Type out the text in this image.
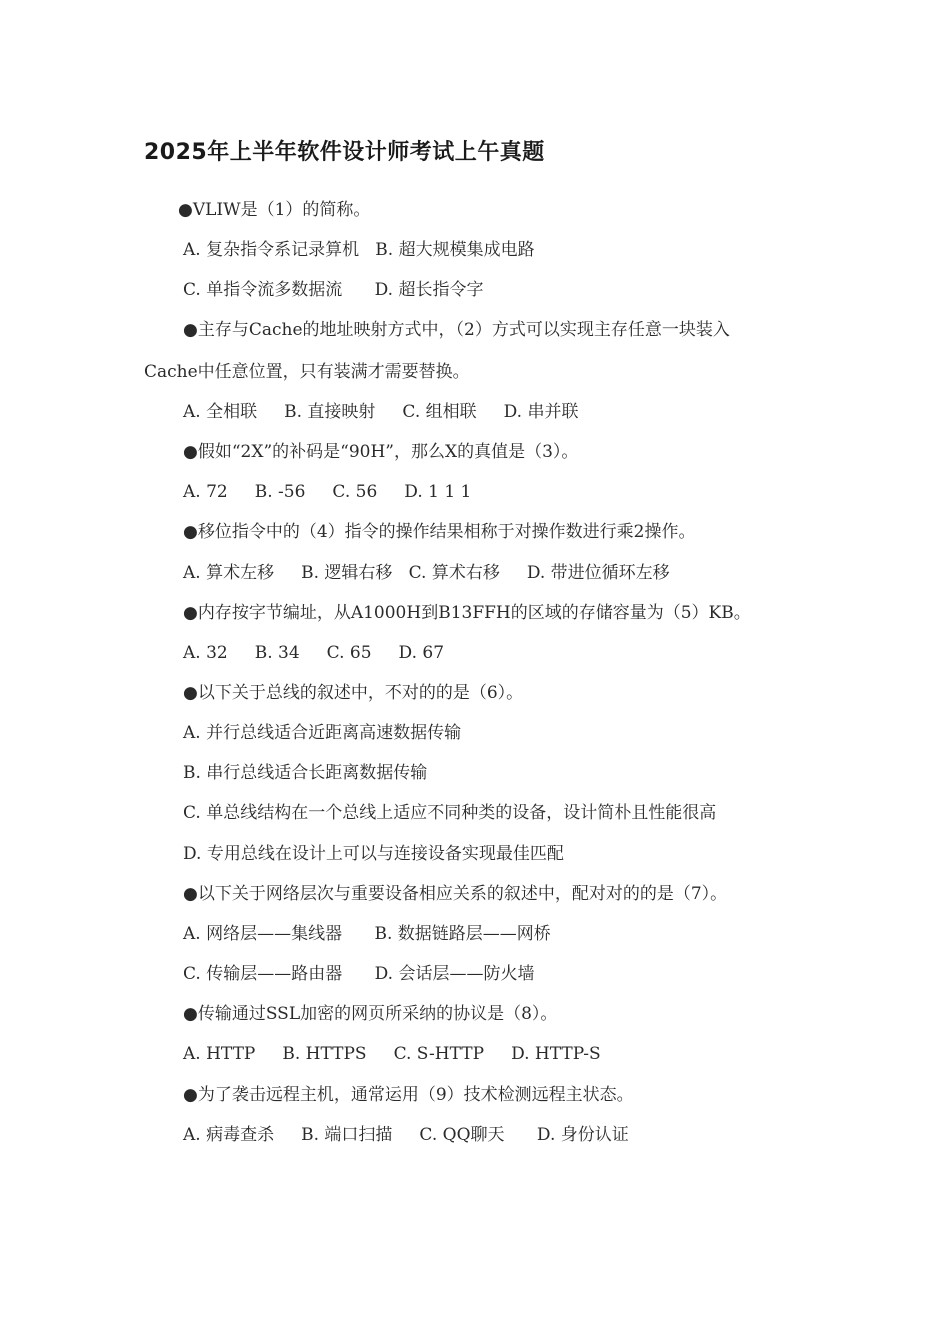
2025年上半年软件设计师考试上午真题
●VLIW是（1）的简称。
A. 复杂指令系记录算机   B. 超大规模集成电路
C. 单指令流多数据流      D. 超长指令字
●主存与Cache的地址映射方式中，（2）方式可以实现主存任意一块装入
Cache中任意位置，只有装满才需要替换。
A. 全相联     B. 直接映射     C. 组相联     D. 串并联
●假如“2X”的补码是“90H”，那么X的真值是（3）。
A. 72     B. -56     C. 56     D. 1 1 1
●移位指令中的（4）指令的操作结果相称于对操作数进行乘2操作。
A. 算术左移     B. 逻辑右移   C. 算术右移     D. 带进位循环左移
●内存按字节编址，从A1000H到B13FFH的区域的存储容量为（5）KB。
A. 32     B. 34     C. 65     D. 67
●以下关于总线的叙述中，不对的的是（6）。
A. 并行总线适合近距离高速数据传输
B. 串行总线适合长距离数据传输
C. 单总线结构在一个总线上适应不同种类的设备，设计简朴且性能很高
D. 专用总线在设计上可以与连接设备实现最佳匹配
●以下关于网络层次与重要设备相应关系的叙述中，配对对的的是（7）。
A. 网络层——集线器      B. 数据链路层——网桥
C. 传输层——路由器      D. 会话层——防火墙
●传输通过SSL加密的网页所采纳的协议是（8）。
A. HTTP     B. HTTPS     C. S-HTTP     D. HTTP-S
●为了袭击远程主机，通常运用（9）技术检测远程主状态。
A. 病毒查杀     B. 端口扫描     C. QQ聊天      D. 身份认证
